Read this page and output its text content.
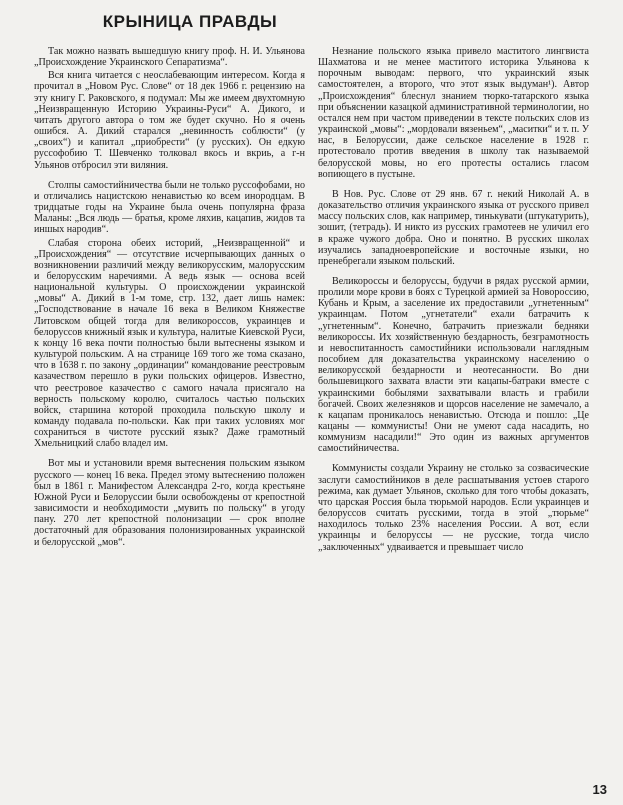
КРЫНИЦА ПРАВДЫ

Так можно назвать вышедшую книгу проф. Н. И. Ульянова „Происхождение Украинского Сепаратизма“.

Вся книга читается с неослабевающим интересом. Когда я прочитал в „Новом Рус. Слове“ от 18 дек 1966 г. рецензию на эту книгу Г. Раковского, я подумал: Мы же имеем двухтомную „Неизвращенную Историю Украины-Руси“ А. Дикого, и читать другого автора о том же будет скучно. Но я очень ошибся. А. Дикий старался „невинность соблюсти“ (у „своих“) и капитал „приобрести“ (у русских). Он едкую руссофобию Т. Шевченко толковал вкось и вкриь, а г-н Ульянов отбросил эти виляния.

Столпы самостийничества были не только руссофобами, но и отличались нацистскою ненавистью ко всем инородцам. В тридцатые годы на Украине была очень популярна фраза Маланы: „Вся людь — братья, кроме ляхив, кацапив, жидов та иншых народив“.

Слабая сторона обеих историй, „Неизвращенной“ и „Происхождения“ — отсутствие исчерпывающих данных о возникновении различий между великорусским, малорусским и белорусским наречиями. А ведь язык — основа всей национальной культуры. О происхождении украинской „мовы“ А. Дикий в 1-м томе, стр. 132, дает лишь намек: „Господствование в начале 16 века в Великом Княжестве Литовском общей тогда для великороссов, украинцев и белоруссов книжный язык и культура, налитые Киевской Руси, к концу 16 века почти полностью были вытеснены языком и культурой польским. А на странице 169 того же тома сказано, что в 1638 г. по закону „ординации“ командование реестровым казачеством перешло в руки польских офицеров. Известно, что реестровое казачество с самого начала присягало на верность польскому королю, считалось частью польских войск, старшина которой проходила польскую школу и команду подавала по-польски. Как при таких условиях мог сохраниться в чистоте русский язык? Даже грамотный Хмельницкий слабо владел им.

Вот мы и установили время вытеснения польским языком русского — конец 16 века. Предел этому вытеснению положен был в 1861 г. Манифестом Александра 2-го, когда крестьяне Южной Руси и Белоруссии были освобождены от крепостной зависимости и необходимости „мувить по польску“ в угоду пану. 270 лет крепостной полонизации — срок вполне достаточный для образования полонизированных украинской и белорусской „мов“.

Незнание польского языка привело маститого лингвиста Шахматова и не менее маститого историка Ульянова к порочным выводам: первого, что украинский язык самостоятелен, а второго, что этот язык выдуман¹). Автор „Происхождения“ блеснул знанием тюрко-татарского языка при объяснении казацкой административной терминологии, но остался нем при частом приведении в тексте польских слов из украинской „мовы“: „мордовали вязеньем“, „маситки“ и т. п. У нас, в Белоруссии, даже сельское население в 1928 г. протестовало против введения в школу так называемой белорусской мовы, но его протесты остались гласом вопиющего в пустыне.

В Нов. Рус. Слове от 29 янв. 67 г. некий Николай А. в доказательство отличия украинского языка от русского привел массу польских слов, как например, тинькувати (штукатурить), зошит, (тетрадь). И никто из русских грамотеев не уличил его в краже чужого добра. Оно и понятно. В русских школах изучались западноевропейские и восточные языки, но пренебрегали языком польский.

Великороссы и белоруссы, будучи в рядах русской армии, пролили море крови в боях с Турецкой армией за Новороссию, Кубань и Крым, а заселение их предоставили „угнетенным“ украинцам. Потом „угнетатели“ ехали батрачить к „угнетенным“. Конечно, батрачить приезжали бедняки великороссы. Их хозяйственную бездарность, безграмотность и невоспитанность самостийники использовали наглядным пособием для доказательства украинскому населению о великорусской бездарности и неотесанности. Во дни большевицкого захвата власти эти кацапы-батраки вместе с украинскими бобылями захватывали власть и грабили богачей. Своих железняков и щорсов население не замечало, а к кацапам проникалось ненавистью. Отсюда и пошло: „Це кацаны — коммунисты! Они не умеют сада насадить, но коммунизм насадили!“ Это один из важных аргументов самостийничества.

Коммунисты создали Украину не столько за созвасические заслуги самостийников в деле расшатывания устоев старого режима, как думает Ульянов, сколько для того чтобы доказать, что царская Россия была тюрьмой народов. Если украинцев и белоруссов считать русскими, тогда в этой „тюрьме“ находилось только 23% населения России. А вот, если украинцы и белоруссы — не русские, тогда число „заключенных“ удваивается и превышает число

13
